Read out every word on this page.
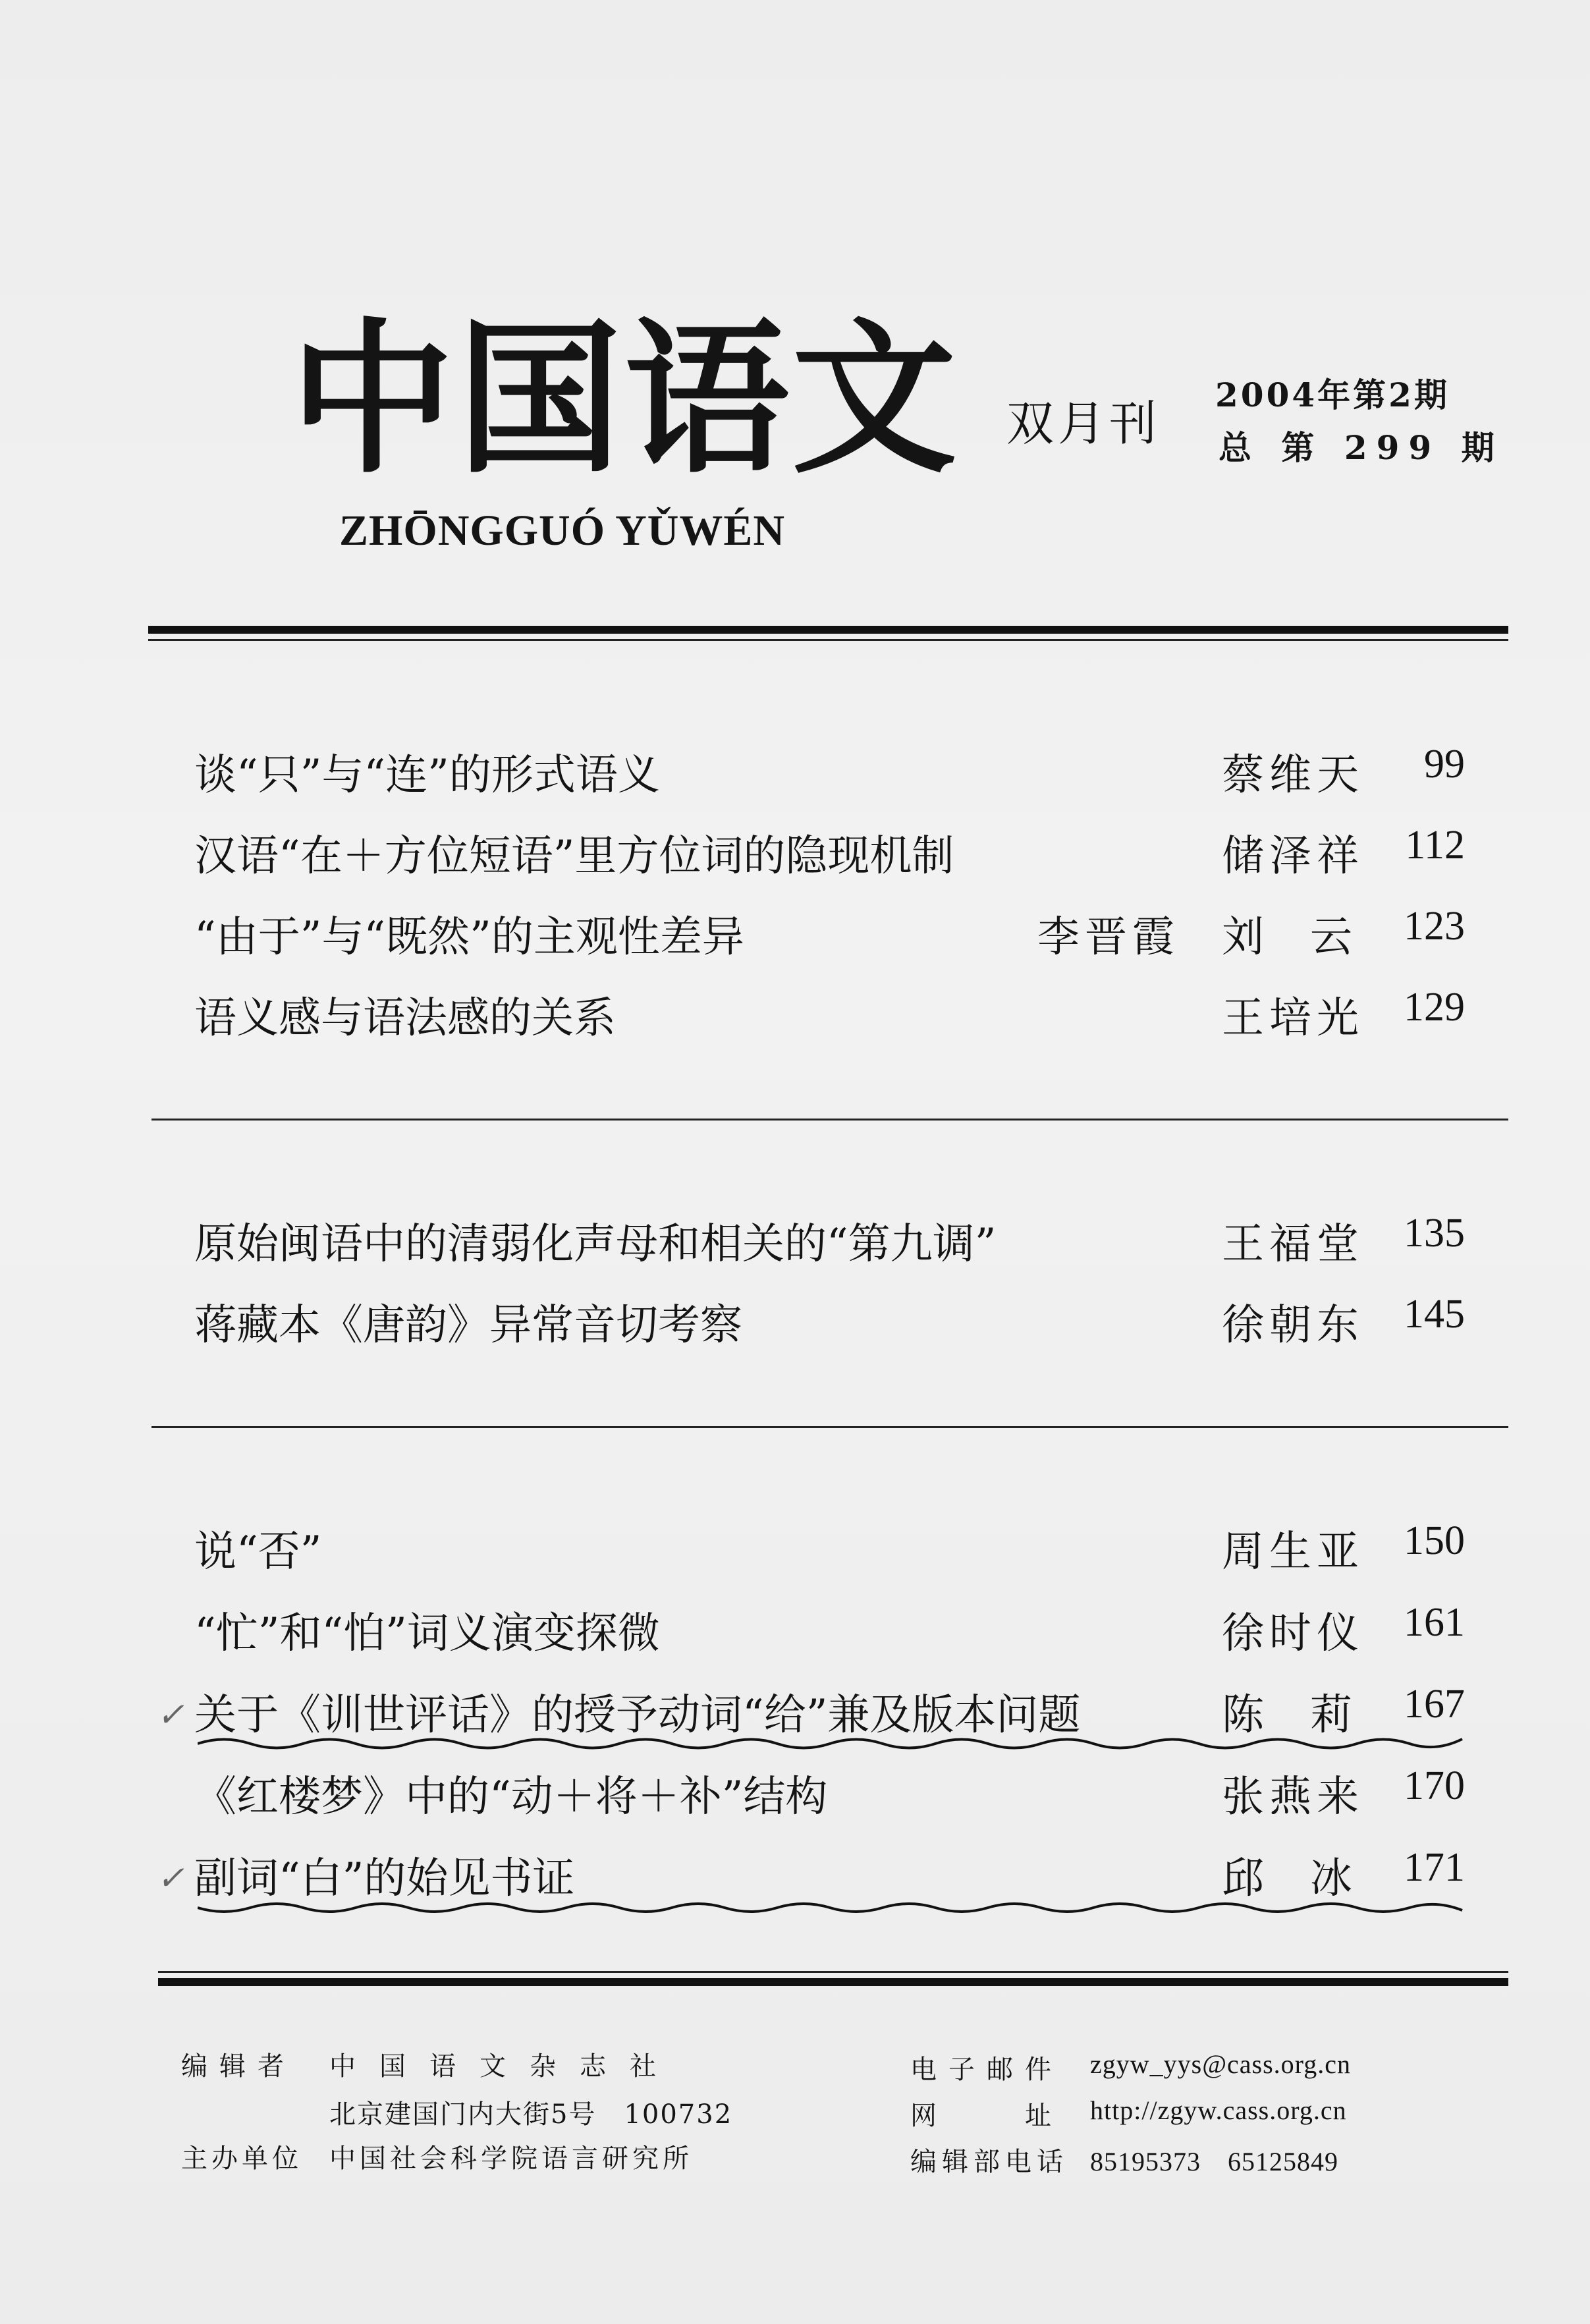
中国语文
ZHŌNGGUÓ YǓWÉN
双月刊
2004年第2期
总 第 299 期
谈“只”与“连”的形式语义	蔡维天 99
汉语“在＋方位短语”里方位词的隐现机制	储泽祥 112
“由于”与“既然”的主观性差异	李晋霞 刘云 123
语义感与语法感的关系	王培光 129
原始闽语中的清弱化声母和相关的“第九调”	王福堂 135
蒋藏本《唐韵》异常音切考察	徐朝东 145
说“否”	周生亚 150
“忙”和“怕”词义演变探微	徐时仪 161
✓ 关于《训世评话》的授予动词“给”兼及版本问题	陈莉 167
《红楼梦》中的“动＋将＋补”结构	张燕来 170
✓ 副词“白”的始见书证	邱冰 171
编辑者 中国语文杂志社
北京建国门内大街5号　100732
主办单位 中国社会科学院语言研究所
电子邮件 zgyw_yys@cass.org.cn
网　　址 http://zgyw.cass.org.cn
编辑部电话 85195373　65125849
